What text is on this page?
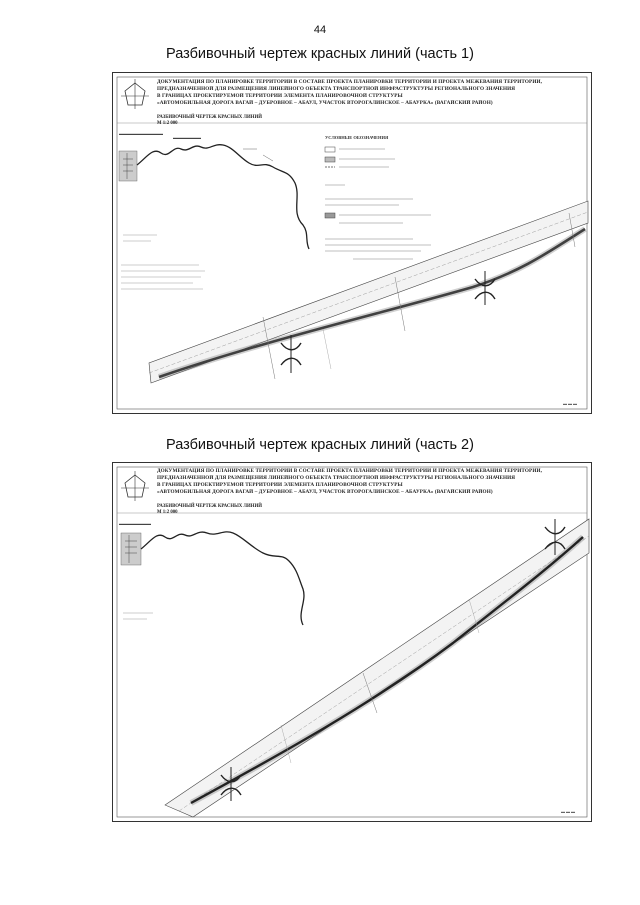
44
Разбивочный чертеж красных линий (часть 1)
▬▬▬▬▬▬▬▬▬▬▬
▬▬▬▬▬▬▬
▬ ▬ ▬
ДОКУМЕНТАЦИЯ ПО ПЛАНИРОВКЕ ТЕРРИТОРИИ В СОСТАВЕ ПРОЕКТА ПЛАНИРОВКИ ТЕРРИТОРИИ И ПРОЕКТА МЕЖЕВАНИЯ ТЕРРИТОРИИ,
ПРЕДНАЗНАЧЕННОЙ ДЛЯ РАЗМЕЩЕНИЯ ЛИНЕЙНОГО ОБЪЕКТА ТРАНСПОРТНОЙ ИНФРАСТРУКТУРЫ РЕГИОНАЛЬНОГО ЗНАЧЕНИЯ
В ГРАНИЦАХ ПРОЕКТИРУЕМОЙ ТЕРРИТОРИИ ЭЛЕМЕНТА ПЛАНИРОВОЧНОЙ СТРУКТУРЫ
«АВТОМОБИЛЬНАЯ ДОРОГА ВАГАЙ – ДУБРОВНОЕ – АБАУЛ, УЧАСТОК ВТОРОГАЛИНСКОЕ – АБАУРКА» (ВАГАЙСКИЙ РАЙОН)
РАЗБИВОЧНЫЙ ЧЕРТЕЖ КРАСНЫХ ЛИНИЙ
М 1:2 000
УСЛОВНЫЕ ОБОЗНАЧЕНИЯ
Разбивочный чертеж красных линий (часть 2)
▬▬▬▬▬▬▬▬
▬ ▬ ▬
ДОКУМЕНТАЦИЯ ПО ПЛАНИРОВКЕ ТЕРРИТОРИИ В СОСТАВЕ ПРОЕКТА ПЛАНИРОВКИ ТЕРРИТОРИИ И ПРОЕКТА МЕЖЕВАНИЯ ТЕРРИТОРИИ,
ПРЕДНАЗНАЧЕННОЙ ДЛЯ РАЗМЕЩЕНИЯ ЛИНЕЙНОГО ОБЪЕКТА ТРАНСПОРТНОЙ ИНФРАСТРУКТУРЫ РЕГИОНАЛЬНОГО ЗНАЧЕНИЯ
В ГРАНИЦАХ ПРОЕКТИРУЕМОЙ ТЕРРИТОРИИ ЭЛЕМЕНТА ПЛАНИРОВОЧНОЙ СТРУКТУРЫ
«АВТОМОБИЛЬНАЯ ДОРОГА ВАГАЙ – ДУБРОВНОЕ – АБАУЛ, УЧАСТОК ВТОРОГАЛИНСКОЕ – АБАУРКА» (ВАГАЙСКИЙ РАЙОН)
РАЗБИВОЧНЫЙ ЧЕРТЕЖ КРАСНЫХ ЛИНИЙ
М 1:2 000
